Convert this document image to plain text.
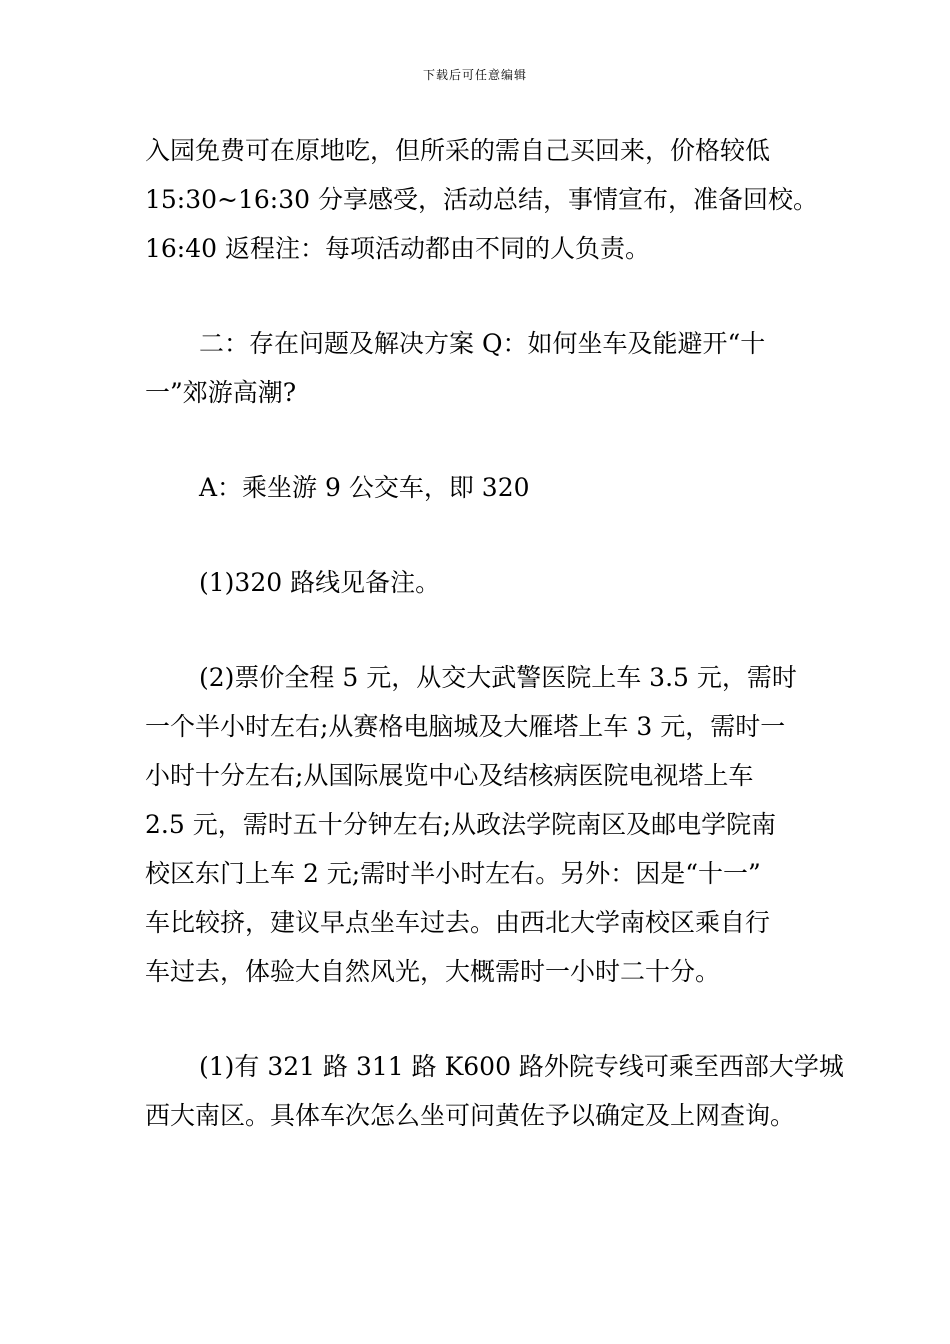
下载后可任意编辑
入园免费可在原地吃，但所采的需自己买回来，价格较低
15:30~16:30 分享感受，活动总结，事情宣布，准备回校。
16:40 返程注：每项活动都由不同的人负责。
二：存在问题及解决方案 Q：如何坐车及能避开“十
一”郊游高潮?
A：乘坐游 9 公交车，即 320
(1)320 路线见备注。
(2)票价全程 5 元，从交大武警医院上车 3.5 元，需时
一个半小时左右;从赛格电脑城及大雁塔上车 3 元，需时一
小时十分左右;从国际展览中心及结核病医院电视塔上车
2.5 元，需时五十分钟左右;从政法学院南区及邮电学院南
校区东门上车 2 元;需时半小时左右。另外：因是“十一”
车比较挤，建议早点坐车过去。由西北大学南校区乘自行
车过去，体验大自然风光，大概需时一小时二十分。
(1)有 321 路 311 路 K600 路外院专线可乘至西部大学城
西大南区。具体车次怎么坐可问黄佐予以确定及上网查询。
